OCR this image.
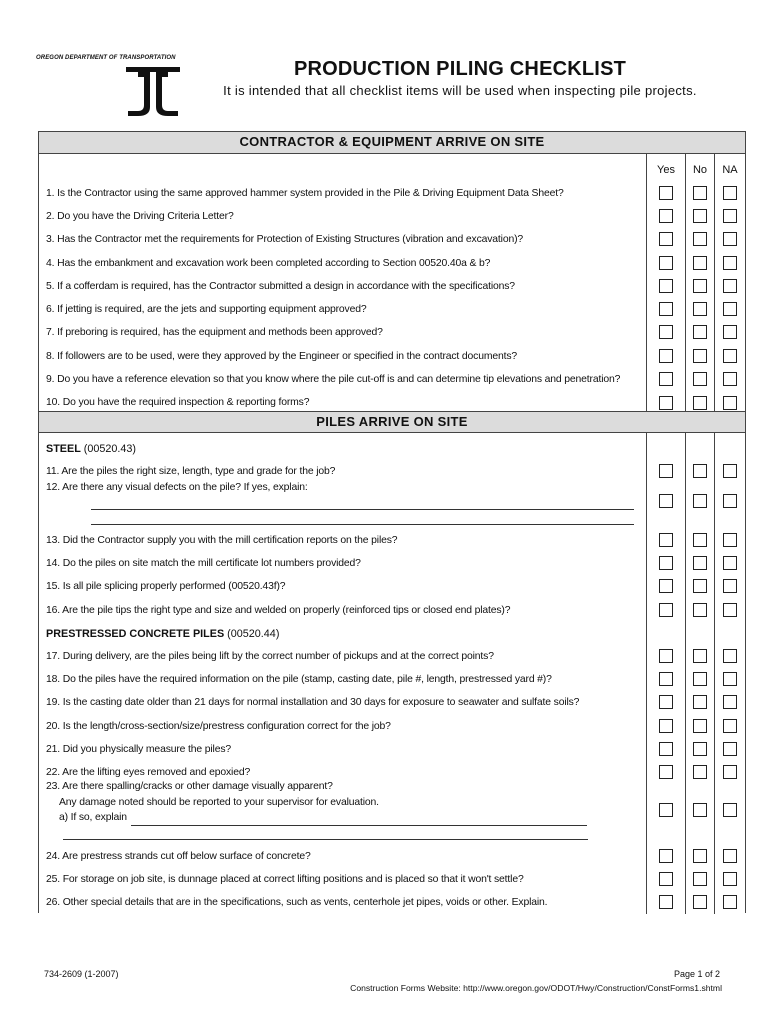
OREGON DEPARTMENT OF TRANSPORTATION	PRODUCTION PILING CHECKLIST
It is intended that all checklist items will be used when inspecting pile projects.
CONTRACTOR & EQUIPMENT ARRIVE ON SITE
Yes	No	NA
1. Is the Contractor using the same approved hammer system provided in the Pile & Driving Equipment Data Sheet?
2. Do you have the Driving Criteria Letter?
3. Has the Contractor met the requirements for Protection of Existing Structures (vibration and excavation)?
4. Has the embankment and excavation work been completed according to Section 00520.40a & b?
5. If a cofferdam is required, has the Contractor submitted a design in accordance with the specifications?
6. If jetting is required, are the jets and supporting equipment approved?
7. If preboring is required, has the equipment and methods been approved?
8. If followers are to be used, were they approved by the Engineer or specified in the contract documents?
9. Do you have a reference elevation so that you know where the pile cut-off is and can determine tip elevations and penetration?
10. Do you have the required inspection & reporting forms?
PILES ARRIVE ON SITE
STEEL (00520.43)
11. Are the piles the right size, length, type and grade for the job?
12. Are there any visual defects on the pile? If yes, explain:
13. Did the Contractor supply you with the mill certification reports on the piles?
14. Do the piles on site match the mill certificate lot numbers provided?
15. Is all pile splicing properly performed (00520.43f)?
16. Are the pile tips the right type and size and welded on properly (reinforced tips or closed end plates)?
PRESTRESSED CONCRETE PILES (00520.44)
17. During delivery, are the piles being lift by the correct number of pickups and at the correct points?
18. Do the piles have the required information on the pile (stamp, casting date, pile #, length, prestressed yard #)?
19. Is the casting date older than 21 days for normal installation and 30 days for exposure to seawater and sulfate soils?
20. Is the length/cross-section/size/prestress configuration correct for the job?
21. Did you physically measure the piles?
22. Are the lifting eyes removed and epoxied?
23. Are there spalling/cracks or other damage visually apparent?
Any damage noted should be reported to your supervisor for evaluation.
a) If so, explain
24. Are prestress strands cut off below surface of concrete?
25. For storage on job site, is dunnage placed at correct lifting positions and is placed so that it won't settle?
26. Other special details that are in the specifications, such as vents, centerhole jet pipes, voids or other. Explain.
734-2609 (1-2007)	Page 1 of 2
Construction Forms Website: http://www.oregon.gov/ODOT/Hwy/Construction/ConstForms1.shtml
